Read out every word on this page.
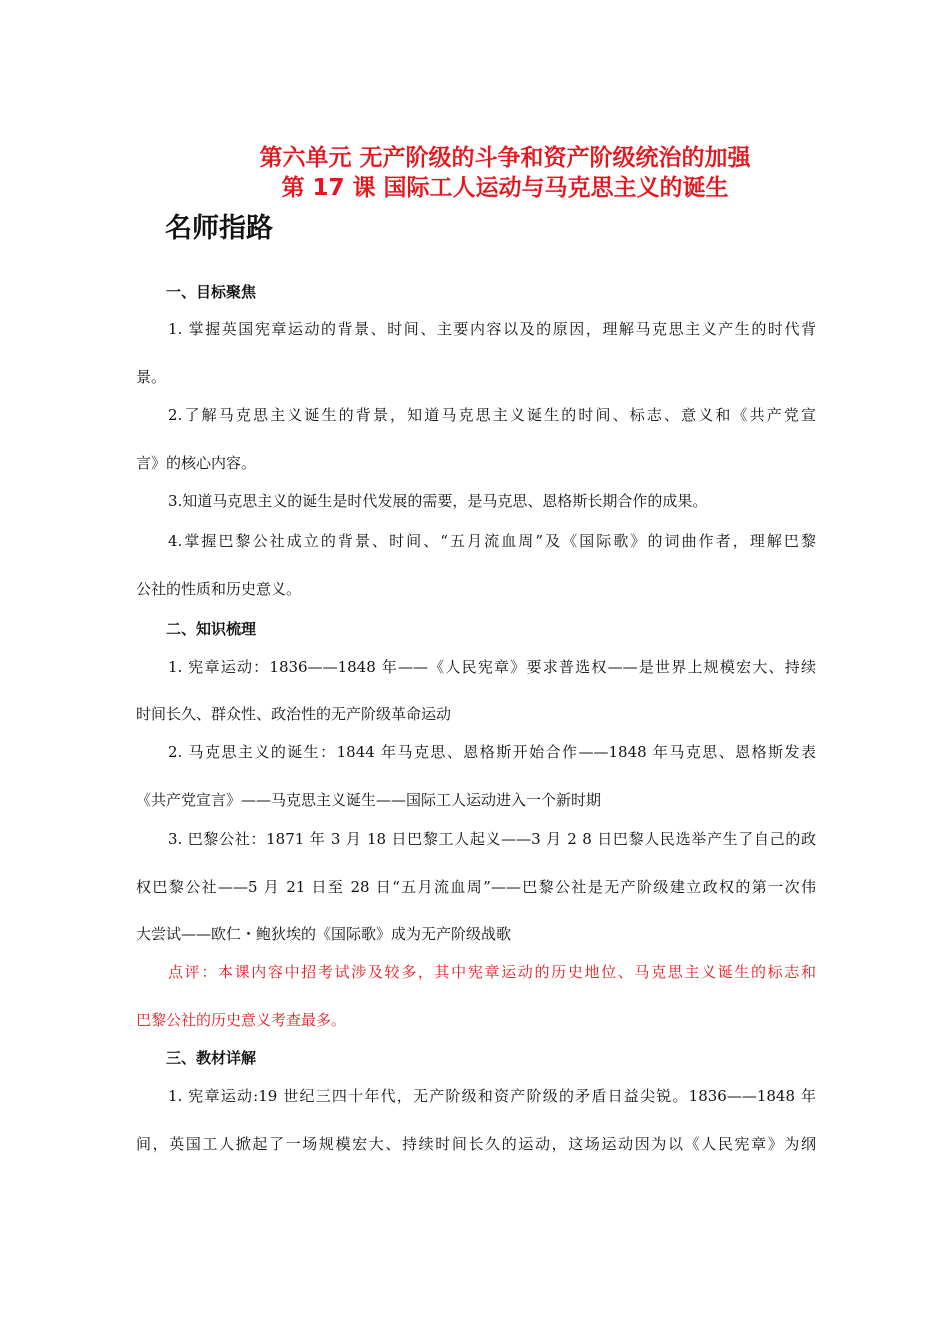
第六单元 无产阶级的斗争和资产阶级统治的加强
第 17 课 国际工人运动与马克思主义的诞生
名师指路
一、目标聚焦
1. 掌握英国宪章运动的背景、时间、主要内容以及的原因，理解马克思主义产生的时代背
景。
2.了解马克思主义诞生的背景，知道马克思主义诞生的时间、标志、意义和《共产党宣
言》的核心内容。
3.知道马克思主义的诞生是时代发展的需要，是马克思、恩格斯长期合作的成果。
4.掌握巴黎公社成立的背景、时间、“五月流血周”及《国际歌》的词曲作者，理解巴黎
公社的性质和历史意义。
二、知识梳理
1. 宪章运动：1836——1848 年——《人民宪章》要求普选权——是世界上规模宏大、持续
时间长久、群众性、政治性的无产阶级革命运动
2. 马克思主义的诞生：1844 年马克思、恩格斯开始合作——1848 年马克思、恩格斯发表
《共产党宣言》——马克思主义诞生——国际工人运动进入一个新时期
3. 巴黎公社：1871 年 3 月 18 日巴黎工人起义——3 月 2 8 日巴黎人民选举产生了自己的政
权巴黎公社——5 月 21 日至 28 日“五月流血周”——巴黎公社是无产阶级建立政权的第一次伟
大尝试——欧仁・鲍狄埃的《国际歌》成为无产阶级战歌
点评：本课内容中招考试涉及较多，其中宪章运动的历史地位、马克思主义诞生的标志和
巴黎公社的历史意义考查最多。
三、教材详解
1. 宪章运动:19 世纪三四十年代，无产阶级和资产阶级的矛盾日益尖锐。1836——1848 年
间，英国工人掀起了一场规模宏大、持续时间长久的运动，这场运动因为以《人民宪章》为纲
